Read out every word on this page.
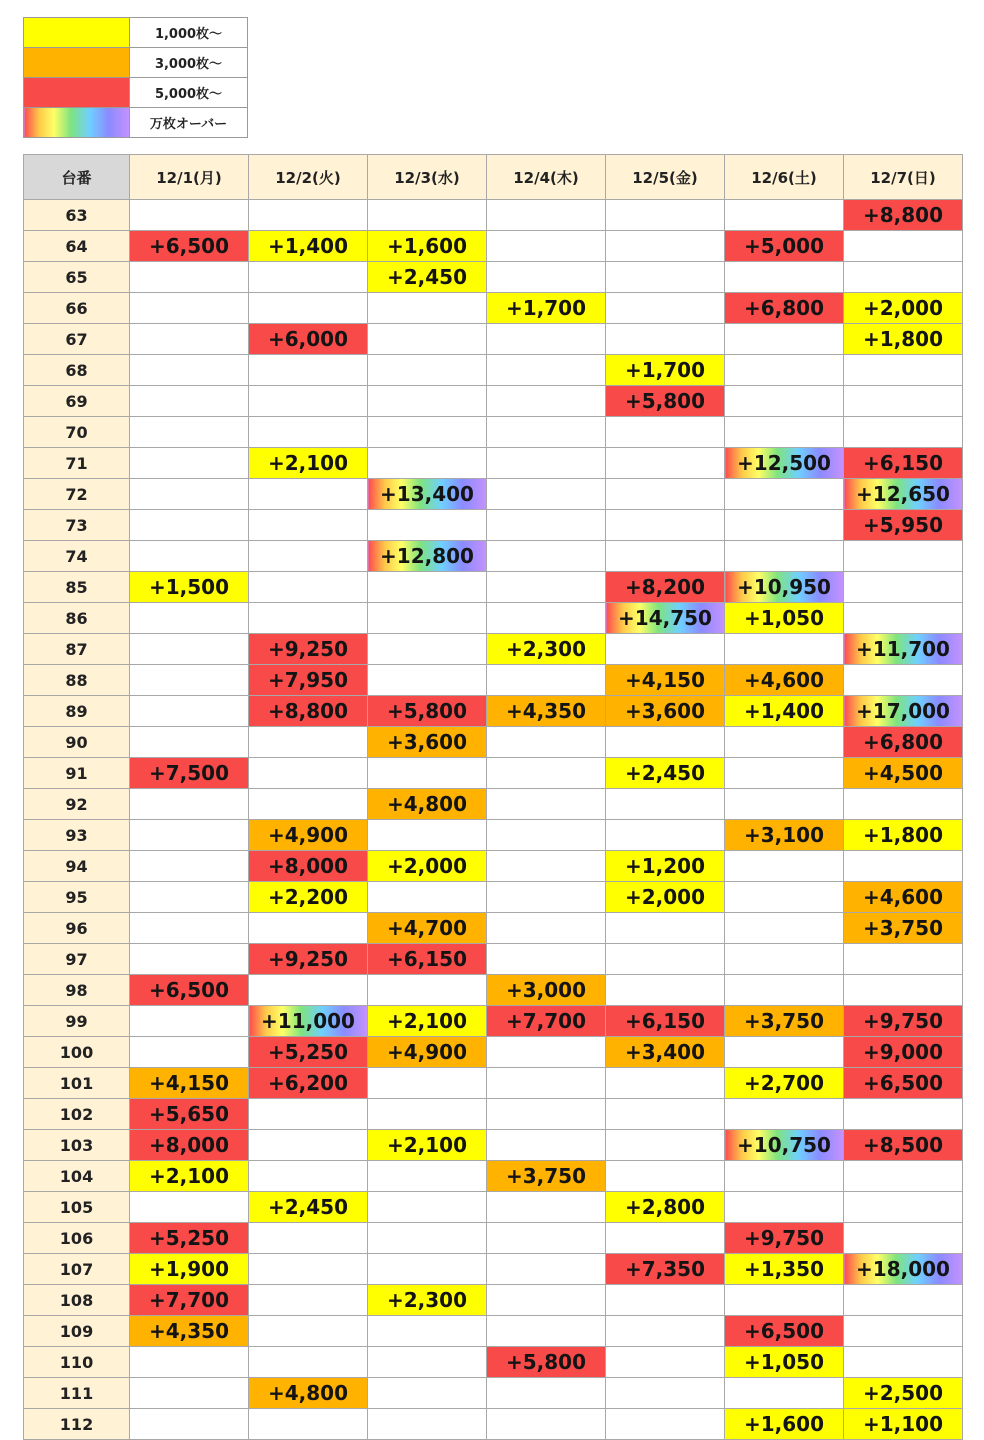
	1,000枚～
	3,000枚～
	5,000枚～
	万枚オーバー
台番	12/1(月)	12/2(火)	12/3(水)	12/4(木)	12/5(金)	12/6(土)	12/7(日)
63							+8,800
64	+6,500	+1,400	+1,600			+5,000	
65			+2,450				
66				+1,700		+6,800	+2,000
67		+6,000					+1,800
68					+1,700		
69					+5,800		
70							
71		+2,100				+12,500	+6,150
72			+13,400				+12,650
73							+5,950
74			+12,800				
85	+1,500				+8,200	+10,950	
86					+14,750	+1,050	
87		+9,250		+2,300			+11,700
88		+7,950			+4,150	+4,600	
89		+8,800	+5,800	+4,350	+3,600	+1,400	+17,000
90			+3,600				+6,800
91	+7,500				+2,450		+4,500
92			+4,800				
93		+4,900				+3,100	+1,800
94		+8,000	+2,000		+1,200		
95		+2,200			+2,000		+4,600
96			+4,700				+3,750
97		+9,250	+6,150				
98	+6,500			+3,000			
99		+11,000	+2,100	+7,700	+6,150	+3,750	+9,750
100		+5,250	+4,900		+3,400		+9,000
101	+4,150	+6,200				+2,700	+6,500
102	+5,650						
103	+8,000		+2,100			+10,750	+8,500
104	+2,100			+3,750			
105		+2,450			+2,800		
106	+5,250					+9,750	
107	+1,900				+7,350	+1,350	+18,000
108	+7,700		+2,300				
109	+4,350					+6,500	
110				+5,800		+1,050	
111		+4,800					+2,500
112						+1,600	+1,100
